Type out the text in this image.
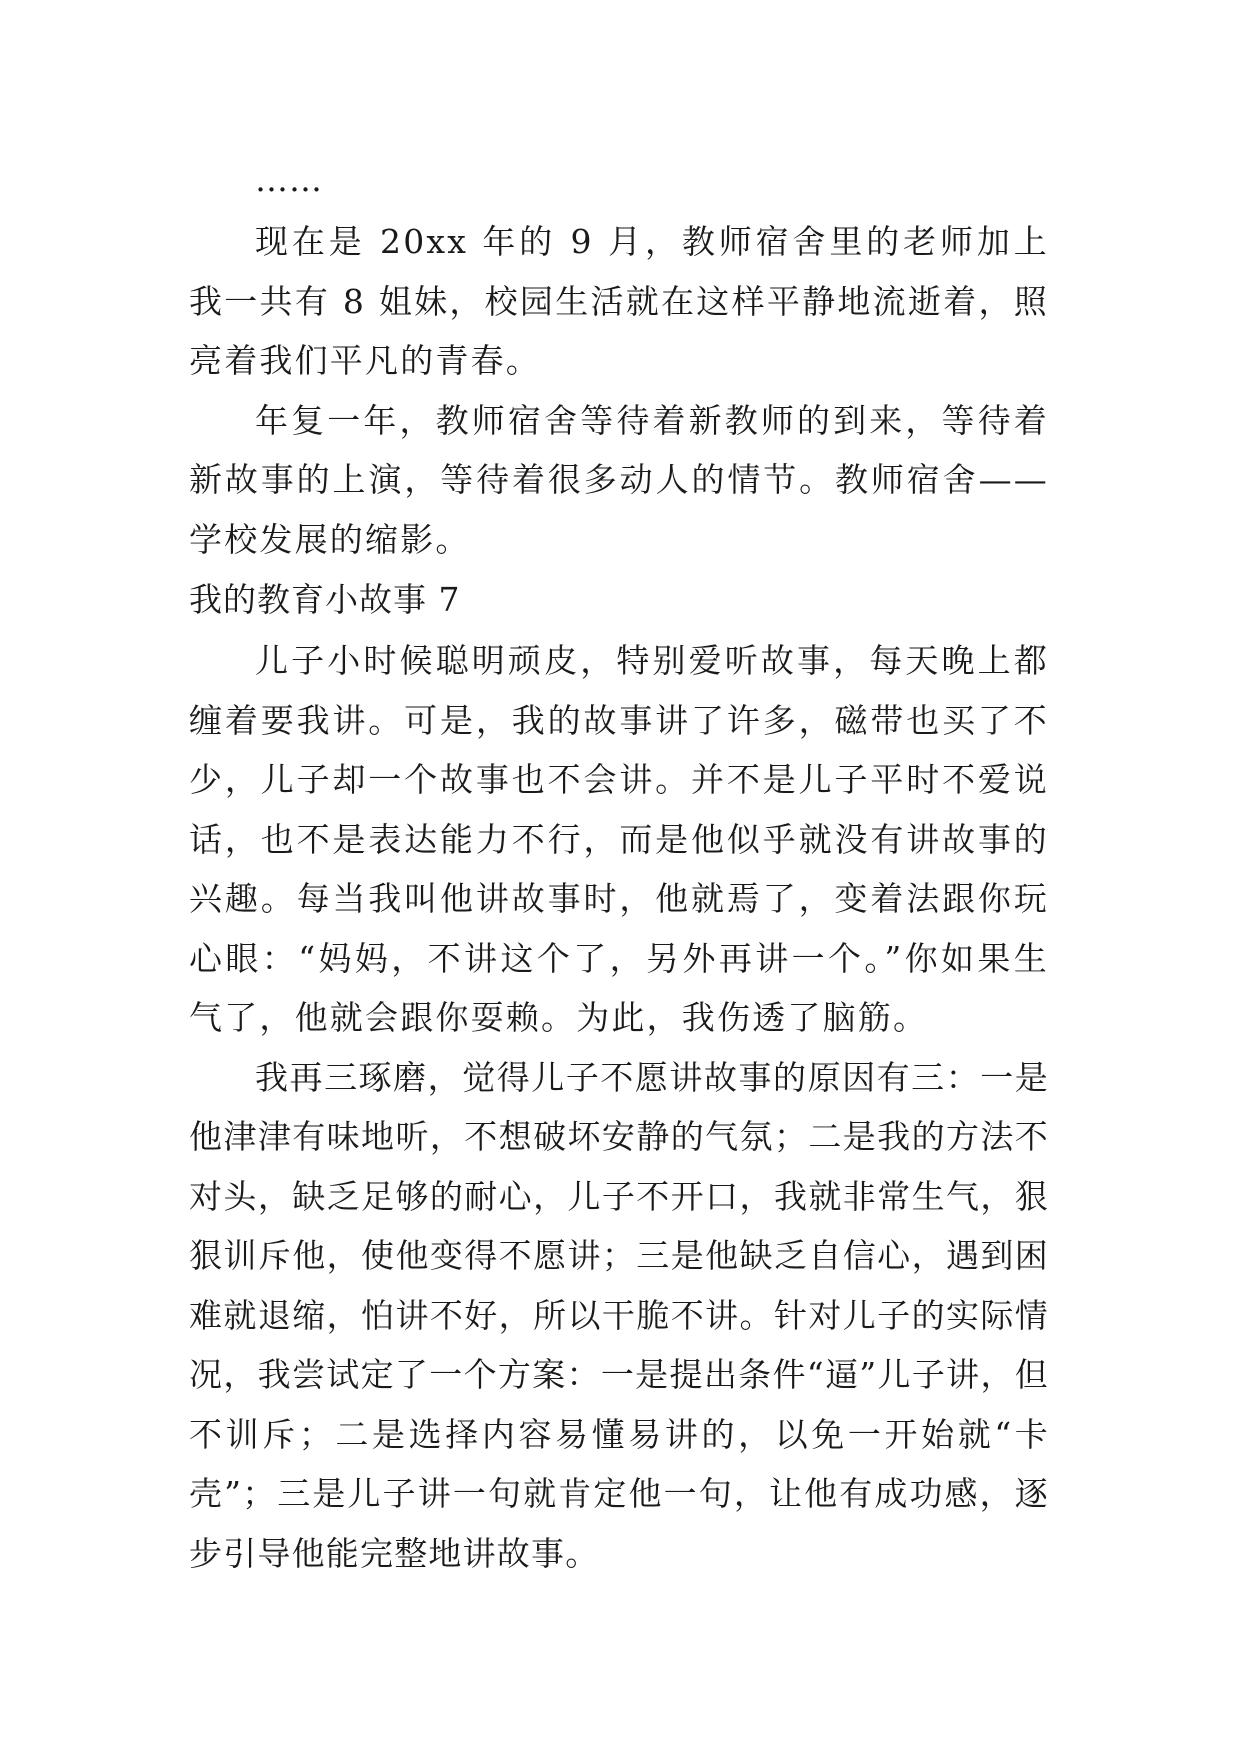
……

现在是 20xx 年的 9 月，教师宿舍里的老师加上我一共有 8 姐妹，校园生活就在这样平静地流逝着，照亮着我们平凡的青春。

年复一年，教师宿舍等待着新教师的到来，等待着新故事的上演，等待着很多动人的情节。教师宿舍——学校发展的缩影。

我的教育小故事 7

儿子小时候聪明顽皮，特别爱听故事，每天晚上都缠着要我讲。可是，我的故事讲了许多，磁带也买了不少，儿子却一个故事也不会讲。并不是儿子平时不爱说话，也不是表达能力不行，而是他似乎就没有讲故事的兴趣。每当我叫他讲故事时，他就焉了，变着法跟你玩心眼：“妈妈，不讲这个了，另外再讲一个。”你如果生气了，他就会跟你耍赖。为此，我伤透了脑筋。

我再三琢磨，觉得儿子不愿讲故事的原因有三：一是他津津有味地听，不想破坏安静的气氛；二是我的方法不对头，缺乏足够的耐心，儿子不开口，我就非常生气，狠狠训斥他，使他变得不愿讲；三是他缺乏自信心，遇到困难就退缩，怕讲不好，所以干脆不讲。针对儿子的实际情况，我尝试定了一个方案：一是提出条件“逼”儿子讲，但不训斥；二是选择内容易懂易讲的，以免一开始就“卡壳”；三是儿子讲一句就肯定他一句，让他有成功感，逐步引导他能完整地讲故事。
